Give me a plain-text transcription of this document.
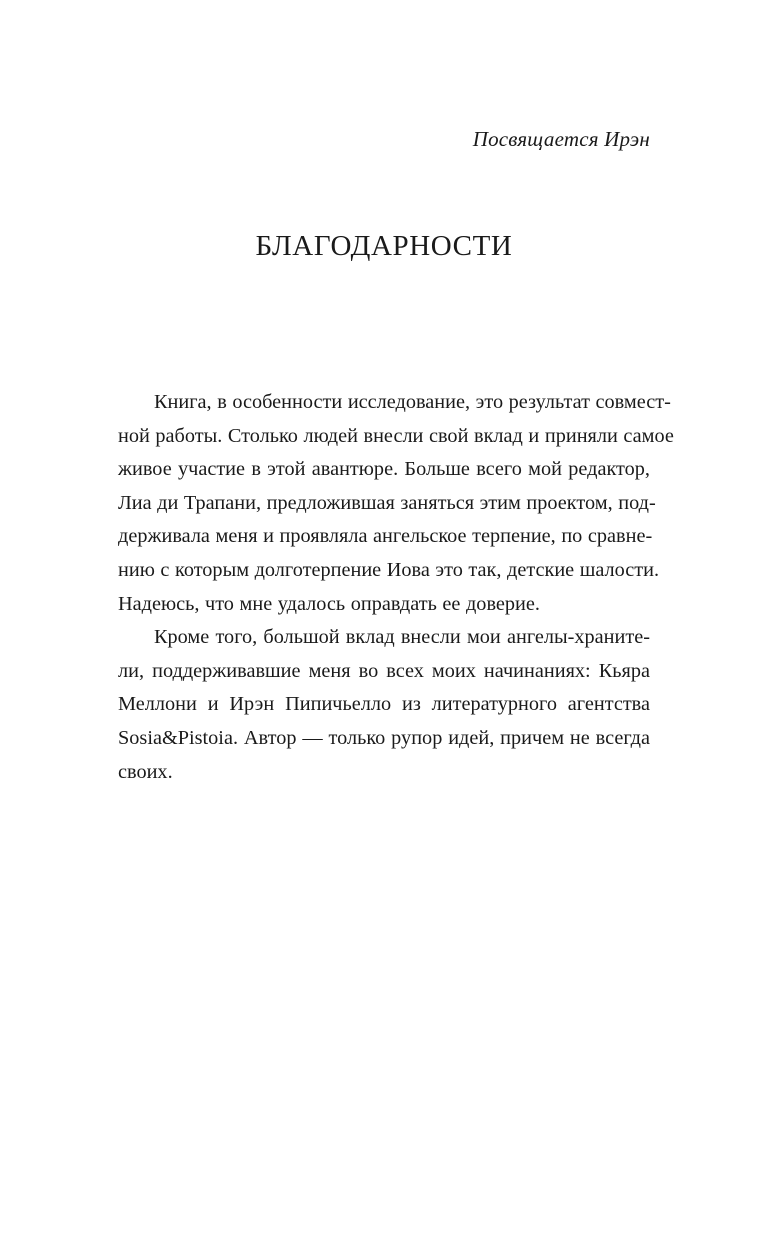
Посвящается Ирэн
БЛАГОДАРНОСТИ
Книга, в особенности исследование, это результат совмест-
ной работы. Столько людей внесли свой вклад и приняли самое
живое участие в этой авантюре. Больше всего мой редактор,
Лиа ди Трапани, предложившая заняться этим проектом, под-
держивала меня и проявляла ангельское терпение, по сравне-
нию с которым долготерпение Иова это так, детские шалости.
Надеюсь, что мне удалось оправдать ее доверие.
Кроме того, большой вклад внесли мои ангелы-храните-
ли, поддерживавшие меня во всех моих начинаниях: Кьяра
Меллони и Ирэн Пипичьелло из литературного агентства
Sosia&Pistoia. Автор — только рупор идей, причем не всегда
своих.
